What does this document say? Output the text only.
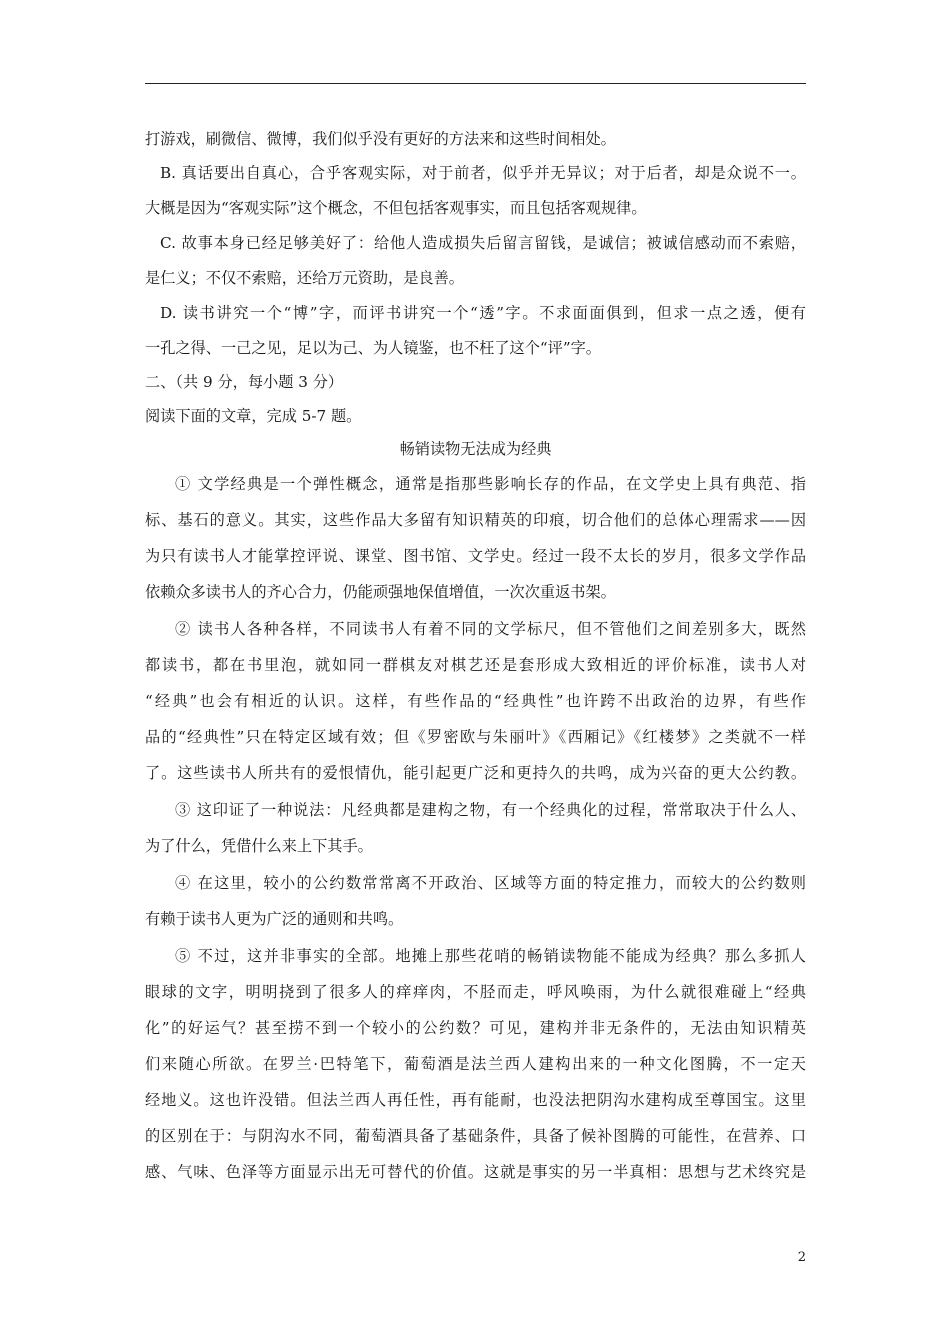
打游戏，刷微信、微博，我们似乎没有更好的方法来和这些时间相处。
B. 真话要出自真心，合乎客观实际，对于前者，似乎并无异议；对于后者，却是众说不一。
大概是因为“客观实际”这个概念，不但包括客观事实，而且包括客观规律。
C. 故事本身已经足够美好了：给他人造成损失后留言留钱，是诚信；被诚信感动而不索赔，
是仁义；不仅不索赔，还给万元资助，是良善。
D. 读书讲究一个“博”字，而评书讲究一个“透”字。不求面面俱到，但求一点之透，便有
一孔之得、一己之见，足以为己、为人镜鉴，也不枉了这个“评”字。
二、（共 9 分，每小题 3 分）
阅读下面的文章，完成 5-7 题。
畅销读物无法成为经典
① 文学经典是一个弹性概念，通常是指那些影响长存的作品，在文学史上具有典范、指
标、基石的意义。其实，这些作品大多留有知识精英的印痕，切合他们的总体心理需求——因
为只有读书人才能掌控评说、课堂、图书馆、文学史。经过一段不太长的岁月，很多文学作品
依赖众多读书人的齐心合力，仍能顽强地保值增值，一次次重返书架。
② 读书人各种各样，不同读书人有着不同的文学标尺，但不管他们之间差别多大，既然
都读书，都在书里泡，就如同一群棋友对棋艺还是套形成大致相近的评价标准，读书人对
“经典”也会有相近的认识。这样，有些作品的“经典性”也许跨不出政治的边界，有些作
品的“经典性”只在特定区域有效；但《罗密欧与朱丽叶》《西厢记》《红楼梦》之类就不一样
了。这些读书人所共有的爱恨情仇，能引起更广泛和更持久的共鸣，成为兴奋的更大公约教。
③ 这印证了一种说法：凡经典都是建构之物，有一个经典化的过程，常常取决于什么人、
为了什么，凭借什么来上下其手。
④ 在这里，较小的公约数常常离不开政治、区域等方面的特定推力，而较大的公约数则
有赖于读书人更为广泛的通则和共鸣。
⑤ 不过，这并非事实的全部。地摊上那些花哨的畅销读物能不能成为经典？那么多抓人
眼球的文字，明明挠到了很多人的痒痒肉，不胫而走，呼风唤雨，为什么就很难碰上“经典
化”的好运气？甚至捞不到一个较小的公约数？可见，建构并非无条件的，无法由知识精英
们来随心所欲。在罗兰·巴特笔下，葡萄酒是法兰西人建构出来的一种文化图腾，不一定天
经地义。这也许没错。但法兰西人再任性，再有能耐，也没法把阴沟水建构成至尊国宝。这里
的区别在于：与阴沟水不同，葡萄酒具备了基础条件，具备了候补图腾的可能性，在营养、口
感、气味、色泽等方面显示出无可替代的价值。这就是事实的另一半真相：思想与艺术终究是
2
